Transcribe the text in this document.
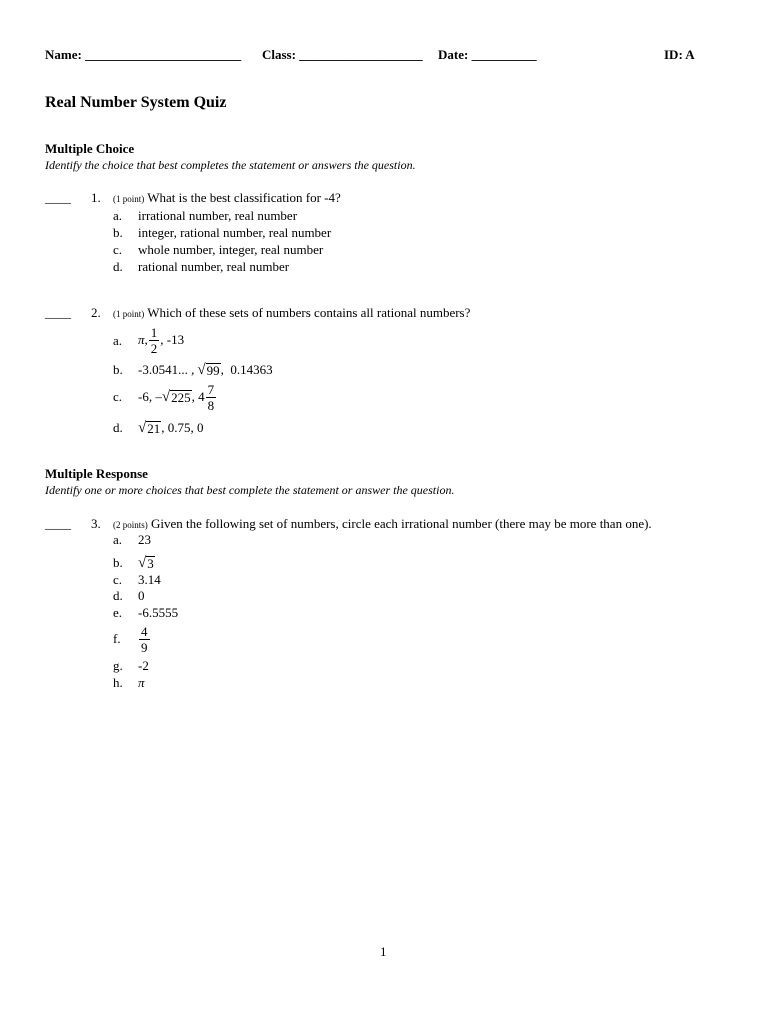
Name: ________________________ Class: ___________________ Date: __________	ID: A
Real Number System Quiz
Multiple Choice
Identify the choice that best completes the statement or answers the question.
____ 1. (1 point) What is the best classification for -4?
a. irrational number, real number
b. integer, rational number, real number
c. whole number, integer, real number
d. rational number, real number
____ 2. (1 point) Which of these sets of numbers contains all rational numbers?
a. π , $\frac{1}{2}$ , -13
b. -3.0541... , √ 99 ,  0.14363
c. -6, – √ 225 , $4 \frac{7}{8}$
d. √ 21 , 0.75, 0
Multiple Response
Identify one or more choices that best complete the statement or answer the question.
____ 3. (2 points) Given the following set of numbers, circle each irrational number (there may be more than one).
a. 23
b. √ 3
c. 3.14
d. 0
e. -6.5555
f. $\frac{4}{9}$
g. -2
h. π
1
